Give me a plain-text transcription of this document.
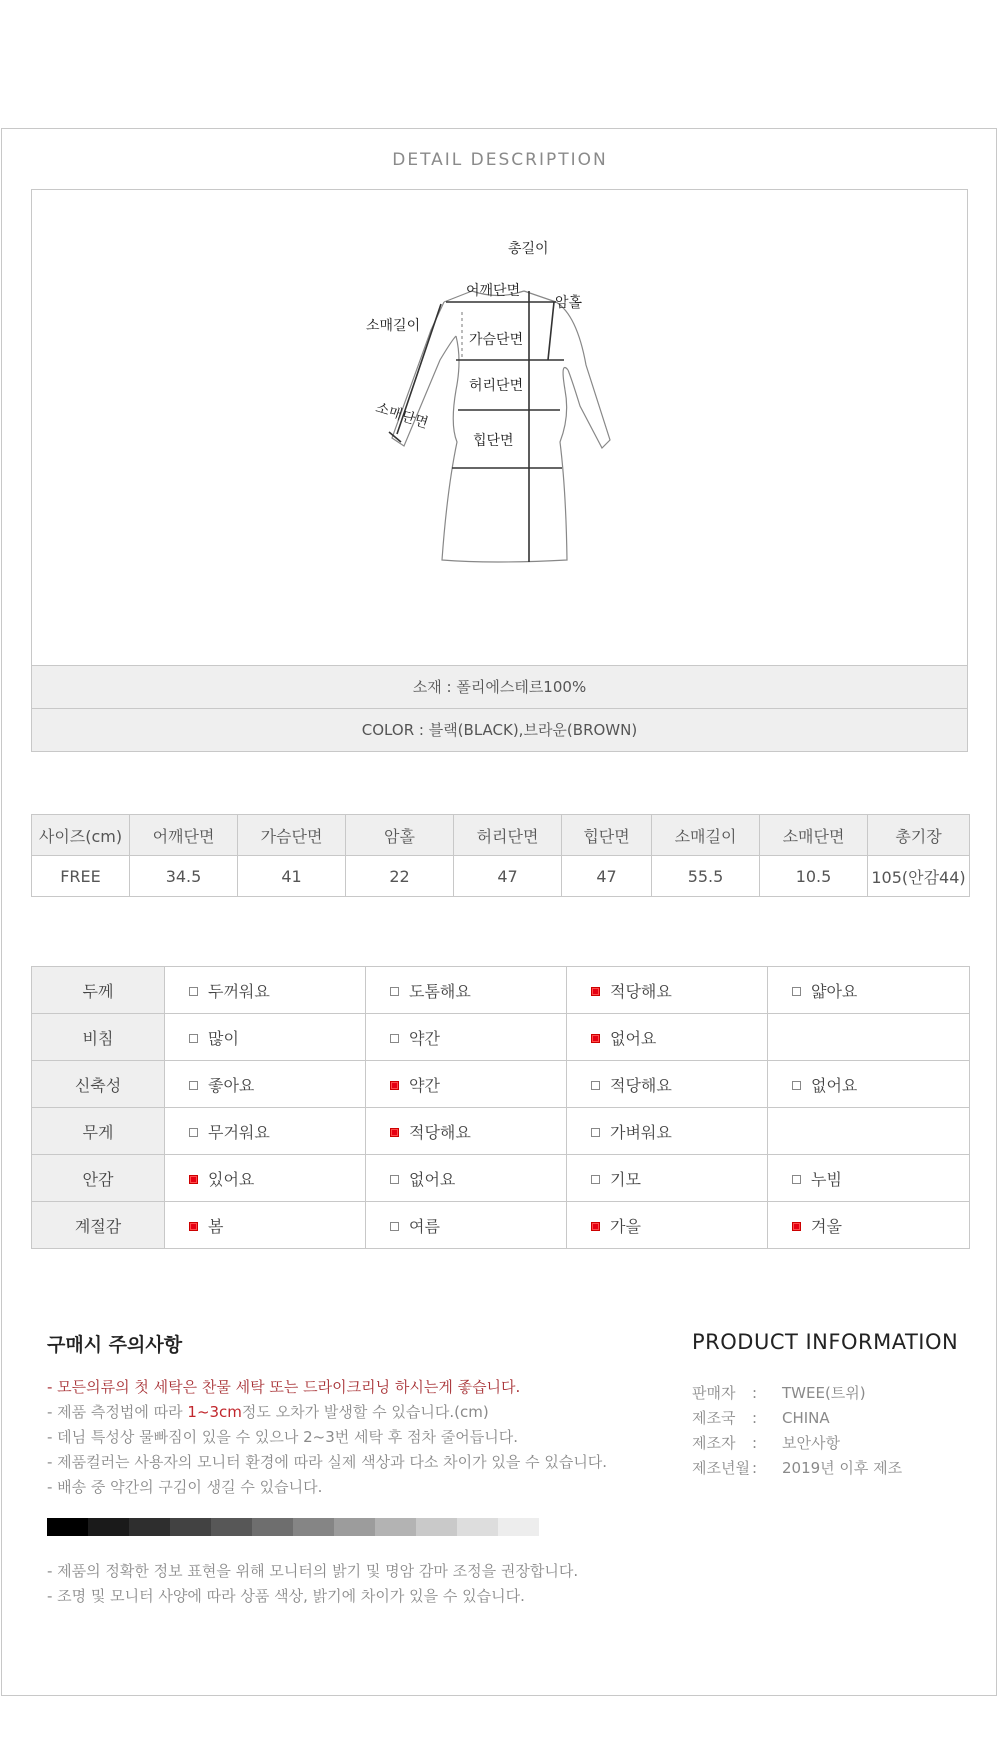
DETAIL DESCRIPTION
총길이
어깨단면
암홀
소매길이
가슴단면
허리단면
소매단면
힙단면
소재 : 폴리에스테르100%
COLOR : 블랙(BLACK),브라운(BROWN)
사이즈(cm)	어깨단면	가슴단면	암홀	허리단면	힙단면	소매길이	소매단면	총기장
FREE	34.5	41	22	47	47	55.5	10.5	105(안감44)
두께	두꺼워요	도톰해요	적당해요	얇아요
비침	많이	약간	없어요	
신축성	좋아요	약간	적당해요	없어요
무게	무거워요	적당해요	가벼워요	
안감	있어요	없어요	기모	누빔
계절감	봄	여름	가을	겨울
구매시 주의사항
- 모든의류의 첫 세탁은 찬물 세탁 또는 드라이크리닝 하시는게 좋습니다.
- 제품 측정법에 따라 1~3cm정도 오차가 발생할 수 있습니다.(cm)
- 데님 특성상 물빠짐이 있을 수 있으나 2~3번 세탁 후 점차 줄어듭니다.
- 제품컬러는 사용자의 모니터 환경에 따라 실제 색상과 다소 차이가 있을 수 있습니다.
- 배송 중 약간의 구김이 생길 수 있습니다.
- 제품의 정확한 정보 표현을 위해 모니터의 밝기 및 명암 감마 조정을 권장합니다.
- 조명 및 모니터 사양에 따라 상품 색상, 밝기에 차이가 있을 수 있습니다.
PRODUCT INFORMATION
판매자 : TWEE(트위)
제조국 : CHINA
제조자 : 보안사항
제조년월 : 2019년 이후 제조
